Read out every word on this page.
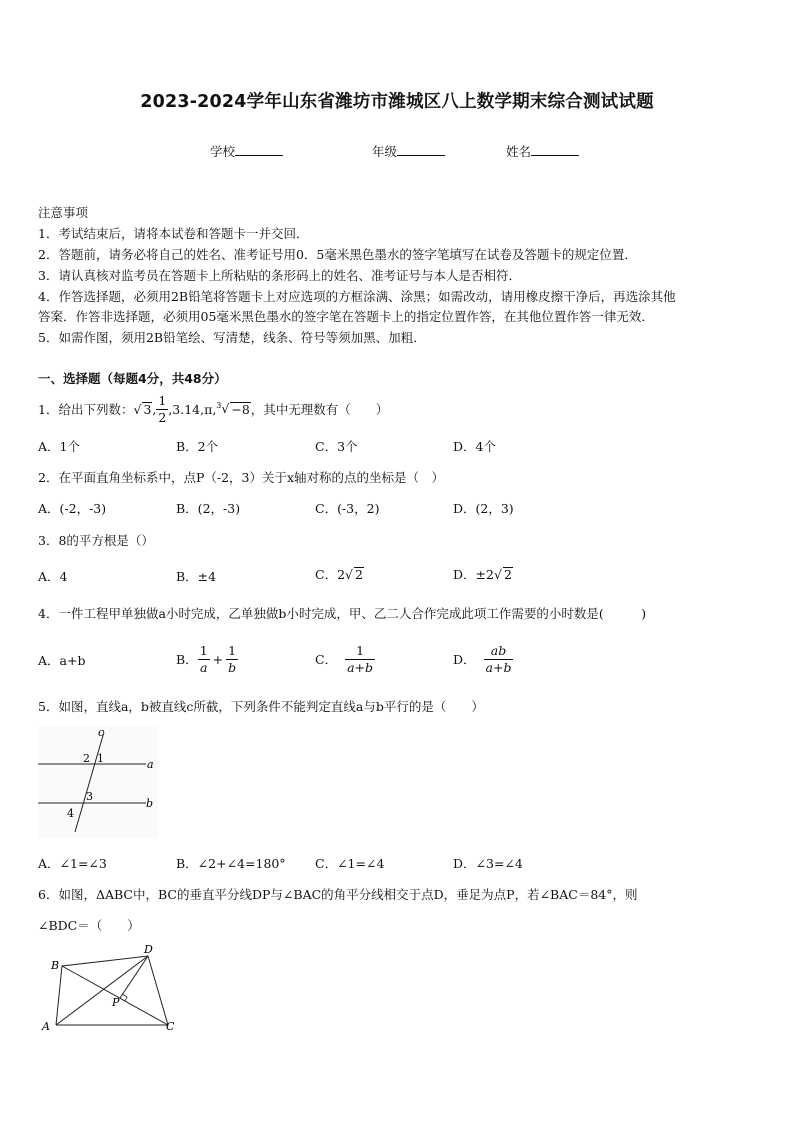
2023-2024学年山东省潍坊市潍城区八上数学期末综合测试试题
学校	年级	姓名
注意事项
1．考试结束后，请将本试卷和答题卡一并交回．
2．答题前，请务必将自己的姓名、准考证号用0．5毫米黑色墨水的签字笔填写在试卷及答题卡的规定位置．
3．请认真核对监考员在答题卡上所粘贴的条形码上的姓名、准考证号与本人是否相符．
4．作答选择题，必须用2B铅笔将答题卡上对应选项的方框涂满、涂黑；如需改动，请用橡皮擦干净后，再选涂其他
答案．作答非选择题，必须用05毫米黑色墨水的签字笔在答题卡上的指定位置作答，在其他位置作答一律无效．
5．如需作图，须用2B铅笔绘、写清楚，线条、符号等须加黑、加粗．
一、选择题（每题4分，共48分）
1．给出下列数： √ 3 , $\frac{1}{2} ,3.14,\pi$, $^3$√ −8 ，其中无理数有（　　）
A．1个	B．2个	C．3个	D．4个
2．在平面直角坐标系中，点P（-2，3）关于x轴对称的点的坐标是（　）
A．(-2，-3)	B．(2，-3)	C．(-3，2)	D．(2，3)
3．8的平方根是（）
A．4	B．±4	C．2√ 2	D．±2√ 2
4．一件工程甲单独做a小时完成，乙单独做b小时完成，甲、乙二人合作完成此项工作需要的小时数是(　　　)
A．a+b	B． $\frac{1}{a} + \frac{1}{b}$	C． $\frac{1}{a+b}$	D． $\frac{ab}{a+b}$
5．如图，直线a，b被直线c所截，下列条件不能判定直线a与b平行的是（　　）
c
a
b
1
2
3
4
A．∠1=∠3	B．∠2+∠4=180° C．∠1=∠4	D．∠3=∠4
6．如图，ΔABC中，BC的垂直平分线DP与∠BAC的角平分线相交于点D，垂足为点P，若∠BAC＝84°，则
∠BDC＝（　　）
A
B
C
D
P
